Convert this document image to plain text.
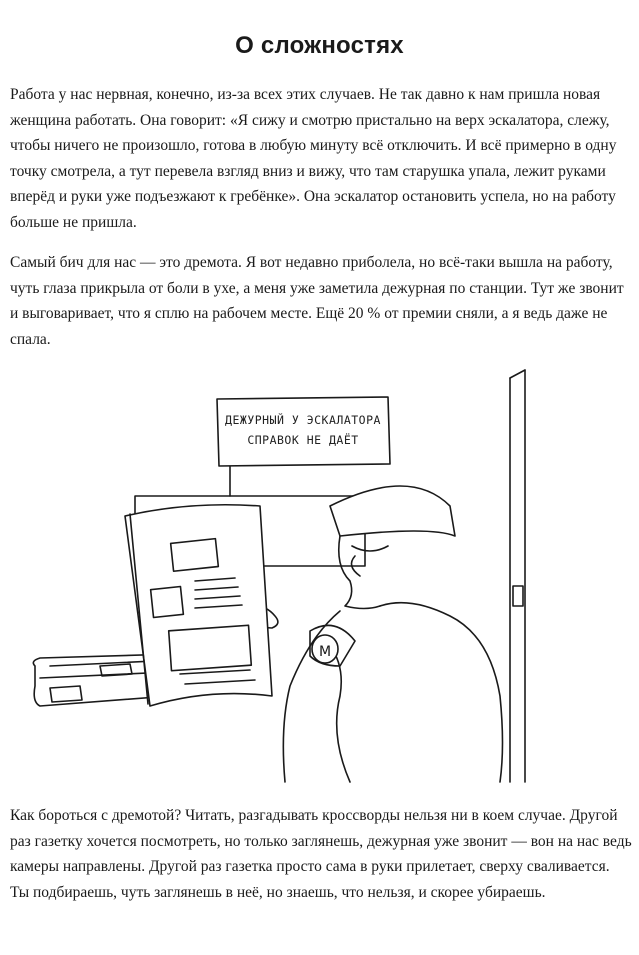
О сложностях

Работа у нас нервная, конечно, из-за всех этих случаев. Не так давно к нам пришла новая женщина работать. Она говорит: «Я сижу и смотрю пристально на верх эскалатора, слежу, чтобы ничего не произошло, готова в любую минуту всё отключить. И всё примерно в одну точку смотрела, а тут перевела взгляд вниз и вижу, что там старушка упала, лежит руками вперёд и руки уже подъезжают к гребёнке». Она эскалатор остановить успела, но на работу больше не пришла.

Самый бич для нас — это дремота. Я вот недавно приболела, но всё-таки вышла на работу, чуть глаза прикрыла от боли в ухе, а меня уже заметила дежурная по станции. Тут же звонит и выговаривает, что я сплю на рабочем месте. Ещё 20 % от премии сняли, а я ведь даже не спала.

ДЕЖУРНЫЙ У ЭСКАЛАТОРА
СПРАВОК НЕ ДАЁТ
М

Как бороться с дремотой? Читать, разгадывать кроссворды нельзя ни в коем случае. Другой раз газетку хочется посмотреть, но только заглянешь, дежурная уже звонит — вон на нас ведь камеры направлены. Другой раз газетка просто сама в руки прилетает, сверху сваливается. Ты подбираешь, чуть заглянешь в неё, но знаешь, что нельзя, и скорее убираешь.
